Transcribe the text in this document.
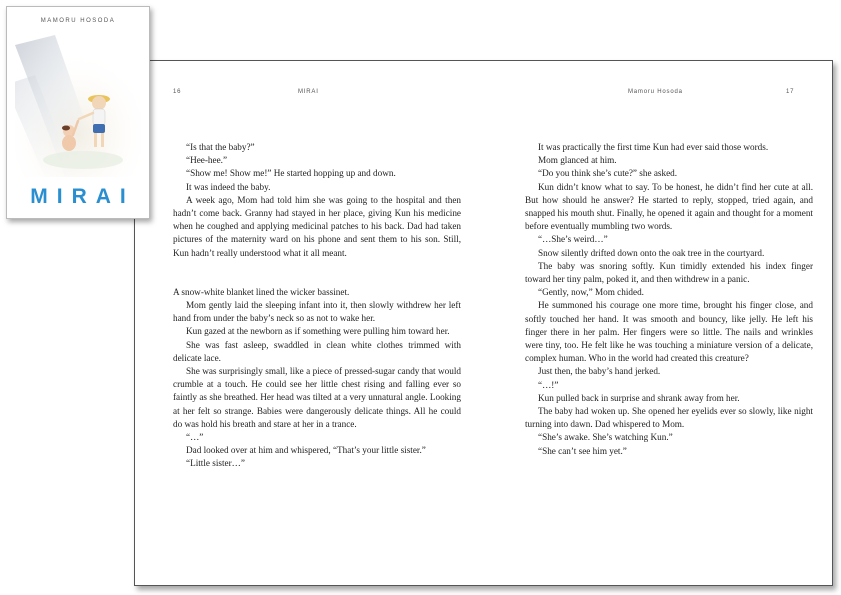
16	MIRAI	Mamoru Hosoda	17

“Is that the baby?”

“Hee-hee.”

“Show me! Show me!” He started hopping up and down.

It was indeed the baby.

A week ago, Mom had told him she was going to the hospital and then hadn’t come back. Granny had stayed in her place, giving Kun his medicine when he coughed and applying medicinal patches to his back. Dad had taken pictures of the maternity ward on his phone and sent them to his son. Still, Kun hadn’t really understood what it all meant.

A snow-white blanket lined the wicker bassinet.

Mom gently laid the sleeping infant into it, then slowly withdrew her left hand from under the baby’s neck so as not to wake her.

Kun gazed at the newborn as if something were pulling him toward her.

She was fast asleep, swaddled in clean white clothes trimmed with delicate lace.

She was surprisingly small, like a piece of pressed-sugar candy that would crumble at a touch. He could see her little chest rising and falling ever so faintly as she breathed. Her head was tilted at a very unnatural angle. Looking at her felt so strange. Babies were dangerously delicate things. All he could do was hold his breath and stare at her in a trance.

“…”

Dad looked over at him and whispered, “That’s your little sister.”

“Little sister…”

It was practically the first time Kun had ever said those words.

Mom glanced at him.

“Do you think she’s cute?” she asked.

Kun didn’t know what to say. To be honest, he didn’t find her cute at all. But how should he answer? He started to reply, stopped, tried again, and snapped his mouth shut. Finally, he opened it again and thought for a moment before eventually mumbling two words.

“…She’s weird…”

Snow silently drifted down onto the oak tree in the courtyard.

The baby was snoring softly. Kun timidly extended his index finger toward her tiny palm, poked it, and then withdrew in a panic.

“Gently, now,” Mom chided.

He summoned his courage one more time, brought his finger close, and softly touched her hand. It was smooth and bouncy, like jelly. He left his finger there in her palm. Her fingers were so little. The nails and wrinkles were tiny, too. He felt like he was touching a miniature version of a delicate, complex human. Who in the world had created this creature?

Just then, the baby’s hand jerked.

“…!”

Kun pulled back in surprise and shrank away from her.

The baby had woken up. She opened her eyelids ever so slowly, like night turning into dawn. Dad whispered to Mom.

“She’s awake. She’s watching Kun.”

“She can’t see him yet.”

MAMORU HOSODA
MIRAI
